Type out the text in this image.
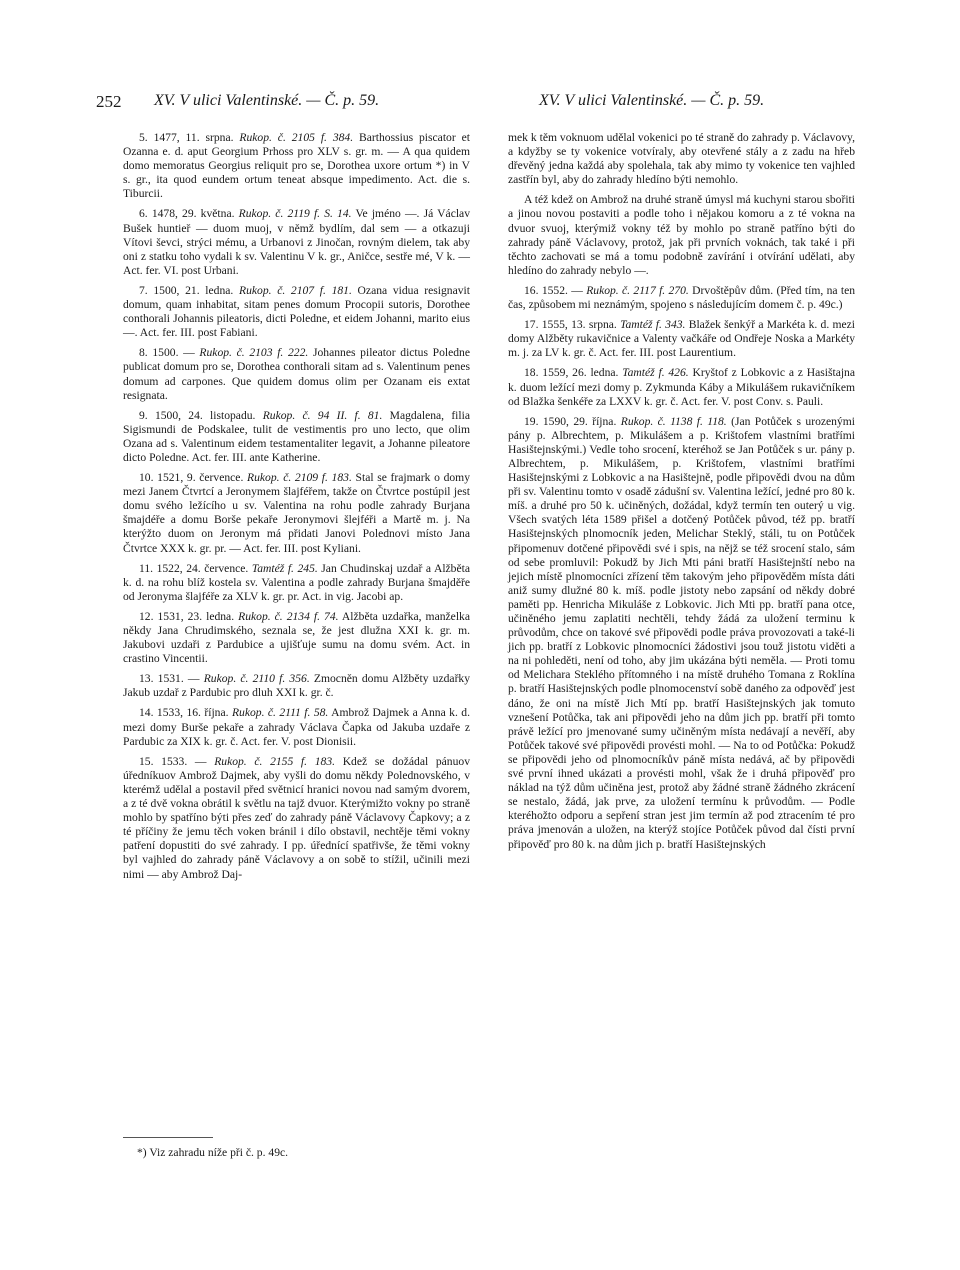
252 XV. V ulici Valentinské. — Č. p. 59.	XV. V ulici Valentinské. — Č. p. 59.

5. 1477, 11. srpna. Rukop. č. 2105 f. 384. Barthossius piscator et Ozanna e. d. aput Georgium Prhoss pro XLV s. gr. m. — A qua quidem domo memoratus Georgius reliquit pro se, Dorothea uxore ortum *) in V s. gr., ita quod eundem ortum teneat absque impedimento. Act. die s. Tiburcii.

6. 1478, 29. května. Rukop. č. 2119 f. S. 14. Ve jméno —. Já Václav Bušek huntieř — duom muoj, v němž bydlím, dal sem — a otkazuji Vítovi ševci, strýci mému, a Urbanovi z Jinočan, rovným dielem, tak aby oni z statku toho vydali k sv. Valentinu V k. gr., Aničce, sestře mé, V k. — Act. fer. VI. post Urbani.

7. 1500, 21. ledna. Rukop. č. 2107 f. 181. Ozana vidua resignavit domum, quam inhabitat, sitam penes domum Procopii sutoris, Dorothee conthorali Johannis pileatoris, dicti Poledne, et eidem Johanni, marito eius —. Act. fer. III. post Fabiani.

8. 1500. — Rukop. č. 2103 f. 222. Johannes pileator dictus Poledne publicat domum pro se, Dorothea conthorali sitam ad s. Valentinum penes domum ad carpones. Que quidem domus olim per Ozanam eis extat resignata.

9. 1500, 24. listopadu. Rukop. č. 94 II. f. 81. Magdalena, filia Sigismundi de Podskalee, tulit de vestimentis pro uno lecto, que olim Ozana ad s. Valentinum eidem testamentaliter legavit, a Johanne pileatore dicto Poledne. Act. fer. III. ante Katherine.

10. 1521, 9. července. Rukop. č. 2109 f. 183. Stal se frajmark o domy mezi Janem Čtvrtcí a Jeronymem šlajféřem, takže on Čtvrtce postúpil jest domu svého ležícího u sv. Valentina na rohu podle zahrady Burjana šmajdéře a domu Borše pekaře Jeronymovi šlejféři a Martě m. j. Na kterýžto duom on Jeronym má přidati Janovi Polednovi místo Jana Čtvrtce XXX k. gr. pr. — Act. fer. III. post Kyliani.

11. 1522, 24. července. Tamtéž f. 245. Jan Chudinskaj uzdař a Alžběta k. d. na rohu blíž kostela sv. Valentina a podle zahrady Burjana šmajděře od Jeronyma šlajféře za XLV k. gr. pr. Act. in vig. Jacobi ap.

12. 1531, 23. ledna. Rukop. č. 2134 f. 74. Alžběta uzdařka, manželka někdy Jana Chrudimského, seznala se, že jest dlužna XXI k. gr. m. Jakubovi uzdaři z Pardubice a ujišťuje sumu na domu svém. Act. in crastino Vincentii.

13. 1531. — Rukop. č. 2110 f. 356. Zmocněn domu Alžběty uzdařky Jakub uzdař z Pardubic pro dluh XXI k. gr. č.

14. 1533, 16. října. Rukop. č. 2111 f. 58. Ambrož Dajmek a Anna k. d. mezi domy Burše pekaře a zahrady Václava Čapka od Jakuba uzdaře z Pardubic za XIX k. gr. č. Act. fer. V. post Dionisii.

15. 1533. — Rukop. č. 2155 f. 183. Kdež se dožádal pánuov úředníkuov Ambrož Dajmek, aby vyšli do domu někdy Polednovského, v kterémž udělal a postavil před světnicí hranici novou nad samým dvorem, a z té dvě vokna obrátil k světlu na tajž dvuor. Kterýmižto vokny po straně mohlo by spatříno býti přes zeď do zahrady páně Václavovy Čapkovy; a z té příčiny že jemu těch voken bránil i dílo obstavil, nechtěje těmi vokny patření dopustiti do své zahrady. I pp. úřednící spatřivše, že těmi vokny byl vajhled do zahrady páně Václavovy a on sobě to stížil, učinili mezi nimi — aby Ambrož Daj-

mek k těm voknuom udělal vokenici po té straně do zahrady p. Václavovy, a kdyžby se ty vokenice votvíraly, aby otevřené stály a z zadu na hřeb dřevěný jedna každá aby spolehala, tak aby mimo ty vokenice ten vajhled zastřín byl, aby do zahrady hledíno býti nemohlo.

A též kdež on Ambrož na druhé straně úmysl má kuchyni starou sbořiti a jinou novou postaviti a podle toho i nějakou komoru a z té vokna na dvuor svuoj, kterýmiž vokny též by mohlo po straně patříno býti do zahrady páně Václavovy, protož, jak při prvních voknách, tak také i při těchto zachovati se má a tomu podobně zavírání i otvírání udělati, aby hledíno do zahrady nebylo —.

16. 1552. — Rukop. č. 2117 f. 270. Drvoštěpův dům. (Před tím, na ten čas, způsobem mi neznámým, spojeno s následujícím domem č. p. 49c.)

17. 1555, 13. srpna. Tamtéž f. 343. Blažek šenkýř a Markéta k. d. mezi domy Alžběty rukavičnice a Valenty vačkáře od Ondřeje Noska a Markéty m. j. za LV k. gr. č. Act. fer. III. post Laurentium.

18. 1559, 26. ledna. Tamtéž f. 426. Kryštof z Lobkovic a z Hasištajna k. duom ležící mezi domy p. Zykmunda Káby a Mikulášem rukavičníkem od Blažka šenkéře za LXXV k. gr. č. Act. fer. V. post Conv. s. Pauli.

19. 1590, 29. října. Rukop. č. 1138 f. 118. (Jan Potůček s urozenými pány p. Albrechtem, p. Mikulášem a p. Krištofem vlastními bratřími Hasištejnskými.) Vedle toho srocení, kteréhož se Jan Potůček s ur. pány p. Albrechtem, p. Mikulášem, p. Krištofem, vlastními bratřími Hasištejnskými z Lobkovic a na Hasištejně, podle připovědi dvou na dům při sv. Valentinu tomto v osadě zádušní sv. Valentina ležící, jedné pro 80 k. míš. a druhé pro 50 k. učiněných, dožádal, když termín ten outerý u vig. Všech svatých léta 1589 přišel a dotčený Potůček původ, též pp. bratří Hasištejnských plnomocník jeden, Melichar Steklý, stáli, tu on Potůček připomenuv dotčené připovědi své i spis, na nějž se též srocení stalo, sám od sebe promluvil: Pokudž by Jich Mti páni bratří Hasištejnští nebo na jejich místě plnomocníci zřízení těm takovým jeho připověděm místa dáti aniž sumy dlužné 80 k. míš. podle jistoty nebo zapsání od někdy dobré paměti pp. Henricha Mikuláše z Lobkovic. Jich Mti pp. bratří pana otce, učiněného jemu zaplatiti nechtěli, tehdy žádá za uložení terminu k průvodům, chce on takové své připovědi podle práva provozovati a také-li jich pp. bratří z Lobkovic plnomocníci žádostivi jsou touž jistotu viděti a na ni pohleděti, není od toho, aby jim ukázána býti neměla. — Proti tomu od Melichara Steklého přítomného i na místě druhého Tomana z Roklína p. bratří Hasištejnských podle plnomocenství sobě daného za odpověď jest dáno, že oni na místě Jich Mtí pp. bratří Hasištejnských jak tomuto vznešení Potůčka, tak ani připovědi jeho na dům jich pp. bratří při tomto právě ležící pro jmenované sumy učiněným místa nedávají a nevěří, aby Potůček takové své připovědi provésti mohl. — Na to od Potůčka: Pokudž se připovědi jeho od plnomocníkův páně místa nedává, ač by připovědi své první ihned ukázati a provésti mohl, však že i druhá připověď pro náklad na týž dům učiněna jest, protož aby žádné straně žádného zkrácení se nestalo, žádá, jak prve, za uložení termínu k průvodům. — Podle kteréhožto odporu a sepření stran jest jim termín až pod ztracením té pro práva jmenován a uložen, na kterýž stojíce Potůček původ dal čísti první připověď pro 80 k. na dům jich p. bratří Hasištejnských

*) Viz zahradu níže při č. p. 49c.
